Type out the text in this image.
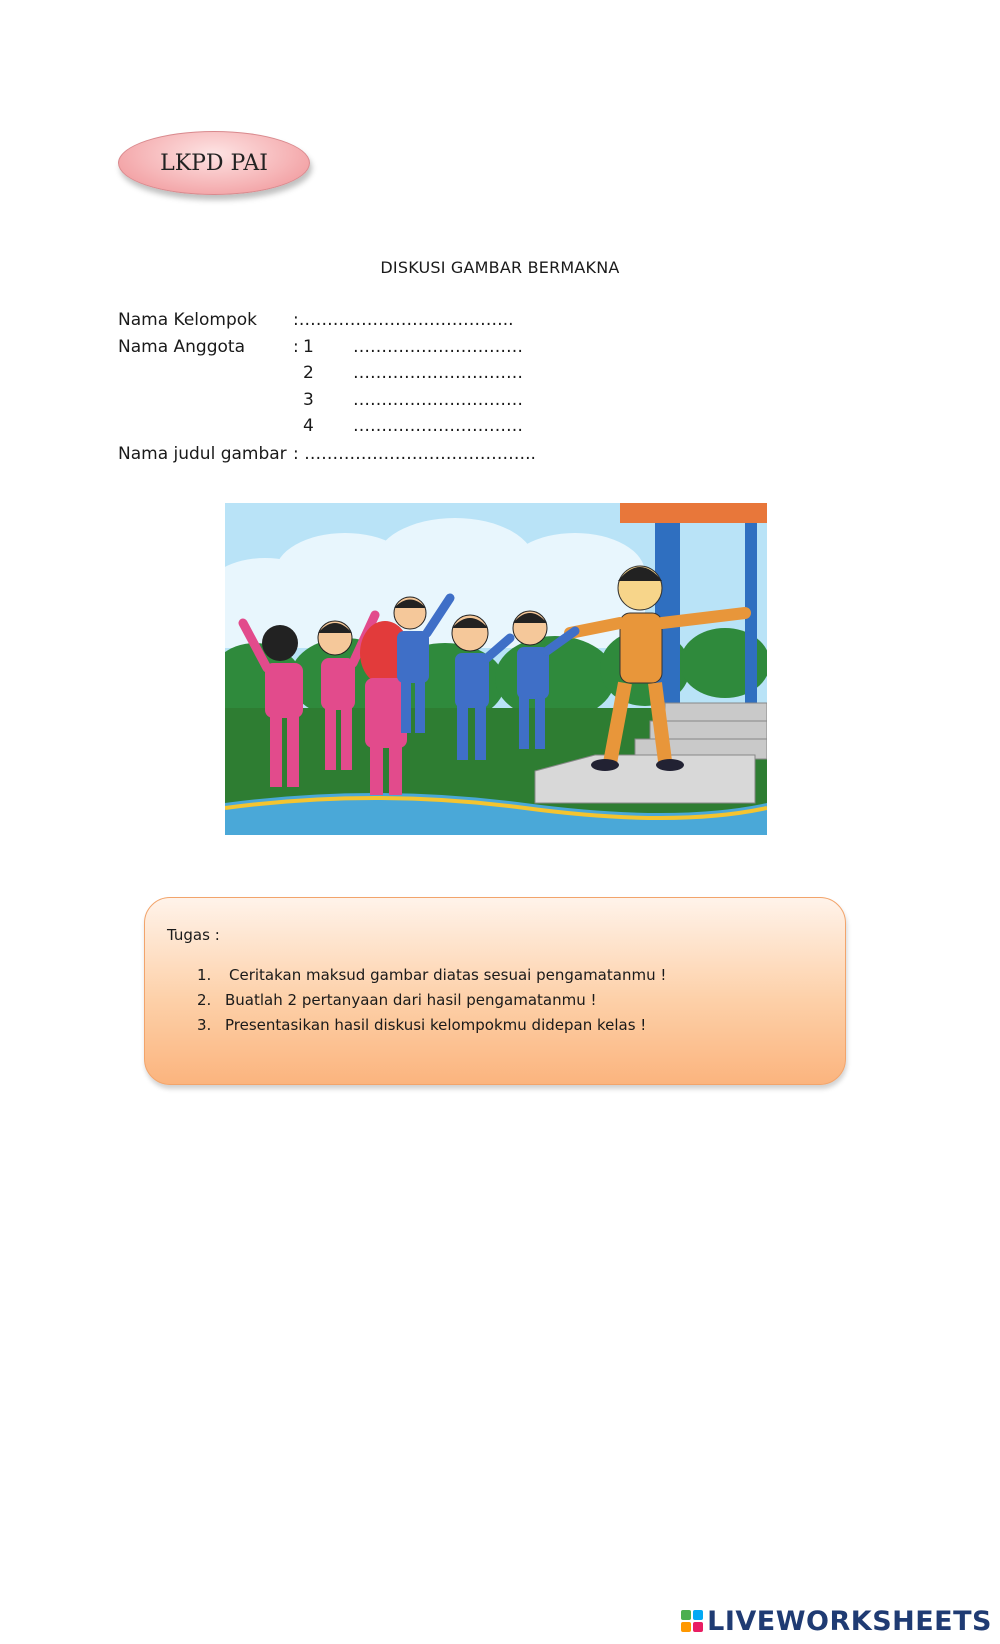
LKPD PAI
DISKUSI GAMBAR BERMAKNA
Nama Kelompok :………………………………..
Nama Anggota	: 1 …………………………
2 …………………………
3 …………………………
4 …………………………
Nama judul gambar : …………………………………..
Tugas :
1. Ceritakan maksud gambar diatas sesuai pengamatanmu !
2. Buatlah 2 pertanyaan dari hasil pengamatanmu !
3. Presentasikan hasil diskusi kelompokmu didepan kelas !
LIVEWORKSHEETS
